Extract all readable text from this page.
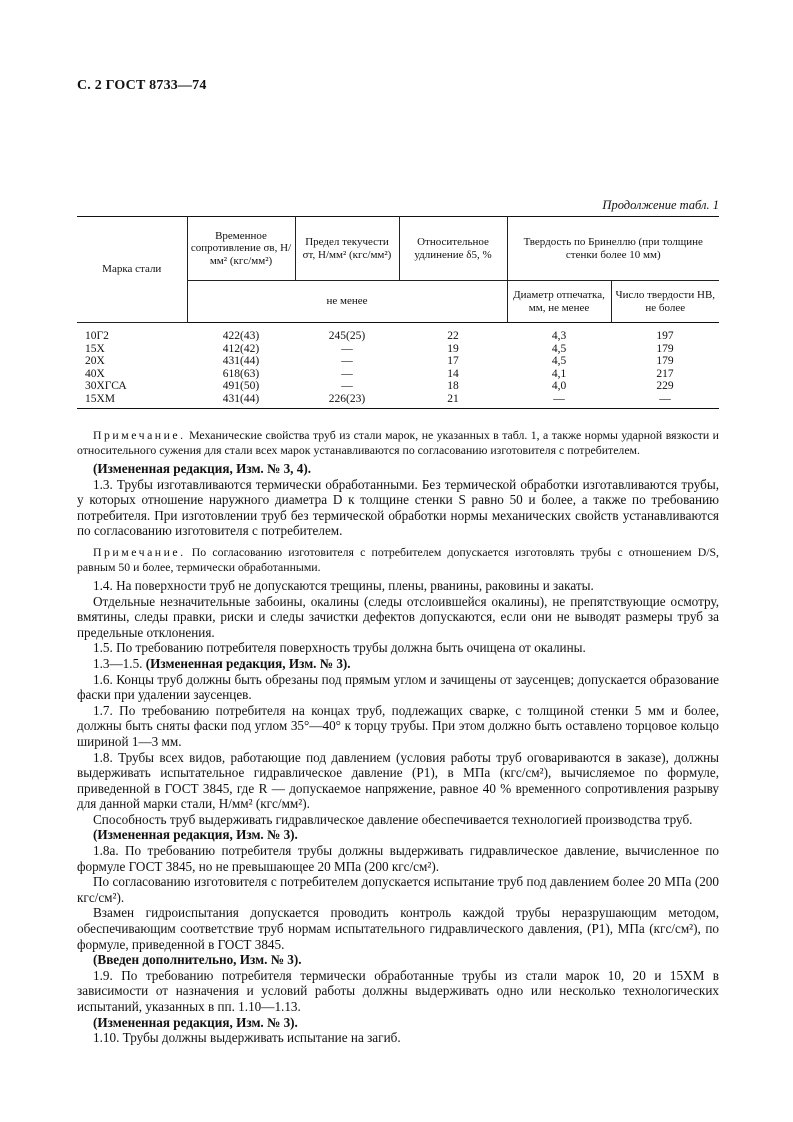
С. 2 ГОСТ 8733—74
Продолжение табл. 1
Марка стали	Временное сопротивление σв, Н/мм² (кгс/мм²)	Предел текучести σт, Н/мм² (кгс/мм²)	Относительное удлинение δ5, %	Твердость по Бринеллю (при толщине стенки более 10 мм)	
	не менее			Диаметр отпечатка, мм, не менее	Число твердости НВ, не более
10Г2	422(43)	245(25)	22	4,3	197
15Х	412(42)	—	19	4,5	179
20Х	431(44)	—	17	4,5	179
40Х	618(63)	—	14	4,1	217
30ХГСА	491(50)	—	18	4,0	229
15ХМ	431(44)	226(23)	21	—	—

Примечание. Механические свойства труб из стали марок, не указанных в табл. 1, а также нормы ударной вязкости и относительного сужения для стали всех марок устанавливаются по согласованию изготовителя с потребителем.

(Измененная редакция, Изм. № 3, 4).

1.3. Трубы изготавливаются термически обработанными. Без термической обработки изготавливаются трубы, у которых отношение наружного диаметра D к толщине стенки S равно 50 и более, а также по требованию потребителя. При изготовлении труб без термической обработки нормы механических свойств устанавливаются по согласованию изготовителя с потребителем.

Примечание. По согласованию изготовителя с потребителем допускается изготовлять трубы с отношением D/S, равным 50 и более, термически обработанными.

1.4. На поверхности труб не допускаются трещины, плены, рванины, раковины и закаты.

Отдельные незначительные забоины, окалины (следы отслоившейся окалины), не препятствующие осмотру, вмятины, следы правки, риски и следы зачистки дефектов допускаются, если они не выводят размеры труб за предельные отклонения.

1.5. По требованию потребителя поверхность трубы должна быть очищена от окалины.

1.3—1.5. (Измененная редакция, Изм. № 3).

1.6. Концы труб должны быть обрезаны под прямым углом и зачищены от заусенцев; допускается образование фаски при удалении заусенцев.

1.7. По требованию потребителя на концах труб, подлежащих сварке, с толщиной стенки 5 мм и более, должны быть сняты фаски под углом 35°—40° к торцу трубы. При этом должно быть оставлено торцовое кольцо шириной 1—3 мм.

1.8. Трубы всех видов, работающие под давлением (условия работы труб оговариваются в заказе), должны выдерживать испытательное гидравлическое давление (P1), в МПа (кгс/см²), вычисляемое по формуле, приведенной в ГОСТ 3845, где R — допускаемое напряжение, равное 40 % временного сопротивления разрыву для данной марки стали, Н/мм² (кгс/мм²).

Способность труб выдерживать гидравлическое давление обеспечивается технологией производства труб.

(Измененная редакция, Изм. № 3).

1.8а. По требованию потребителя трубы должны выдерживать гидравлическое давление, вычисленное по формуле ГОСТ 3845, но не превышающее 20 МПа (200 кгс/см²).

По согласованию изготовителя с потребителем допускается испытание труб под давлением более 20 МПа (200 кгс/см²).

Взамен гидроиспытания допускается проводить контроль каждой трубы неразрушающим методом, обеспечивающим соответствие труб нормам испытательного гидравлического давления, (P1), МПа (кгс/см²), по формуле, приведенной в ГОСТ 3845.

(Введен дополнительно, Изм. № 3).

1.9. По требованию потребителя термически обработанные трубы из стали марок 10, 20 и 15ХМ в зависимости от назначения и условий работы должны выдерживать одно или несколько технологических испытаний, указанных в пп. 1.10—1.13.

(Измененная редакция, Изм. № 3).

1.10. Трубы должны выдерживать испытание на загиб.
